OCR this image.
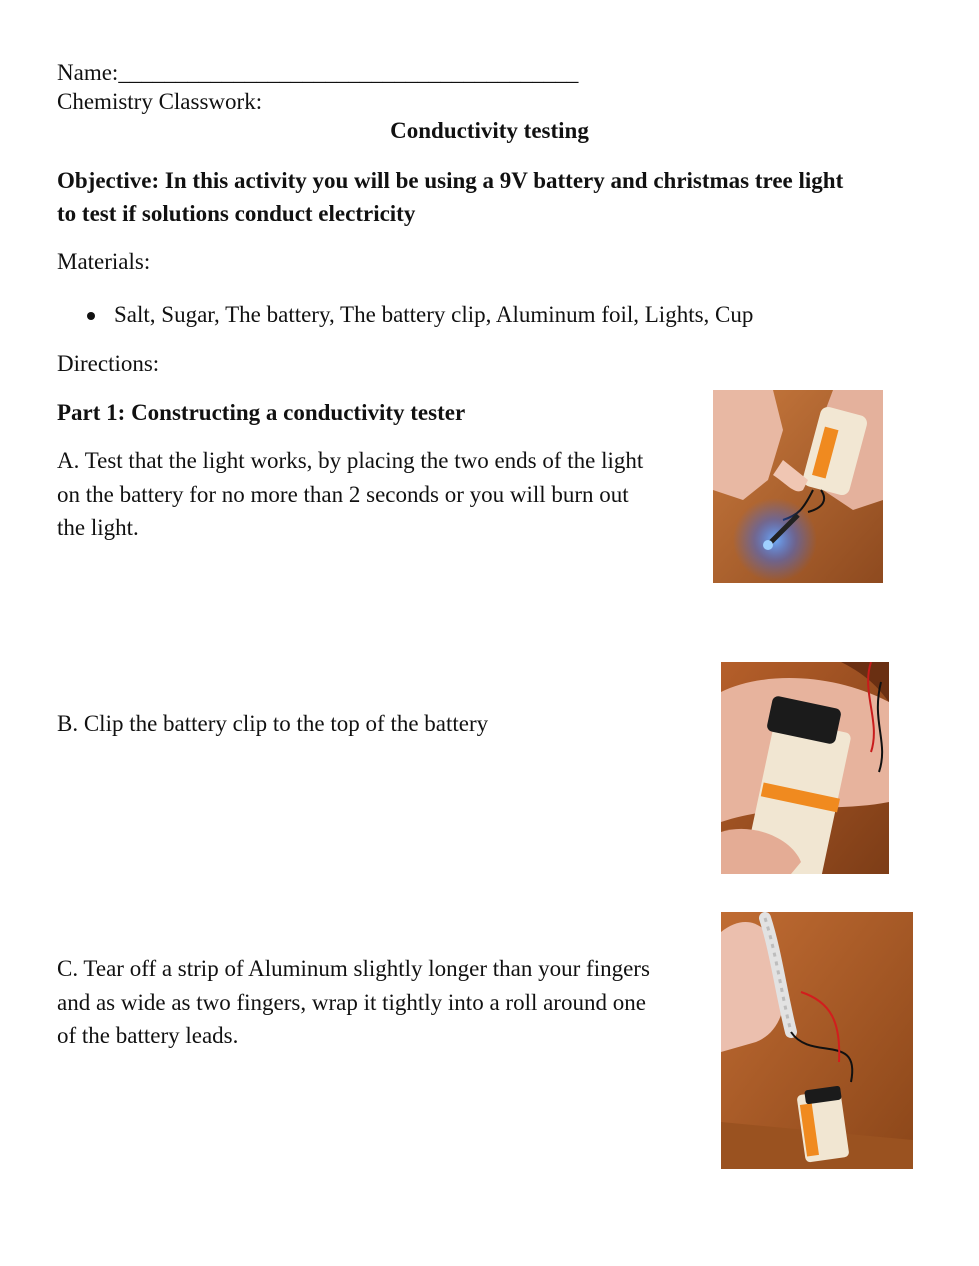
Name:________________________________________
Chemistry Classwork:
Conductivity testing
Objective: In this activity you will be using a 9V battery and christmas tree light
to test if solutions conduct electricity
Materials:
Salt, Sugar, The battery, The battery clip, Aluminum foil, Lights, Cup
Directions:
Part 1: Constructing a conductivity tester
A. Test that the light works, by placing the two ends of the light
on the battery for no more than 2 seconds or you will burn out
the light.
B. Clip the battery clip to the top of the battery
C. Tear off a strip of Aluminum slightly longer than your fingers
and as wide as two fingers, wrap it tightly into a roll around one
of the battery leads.
